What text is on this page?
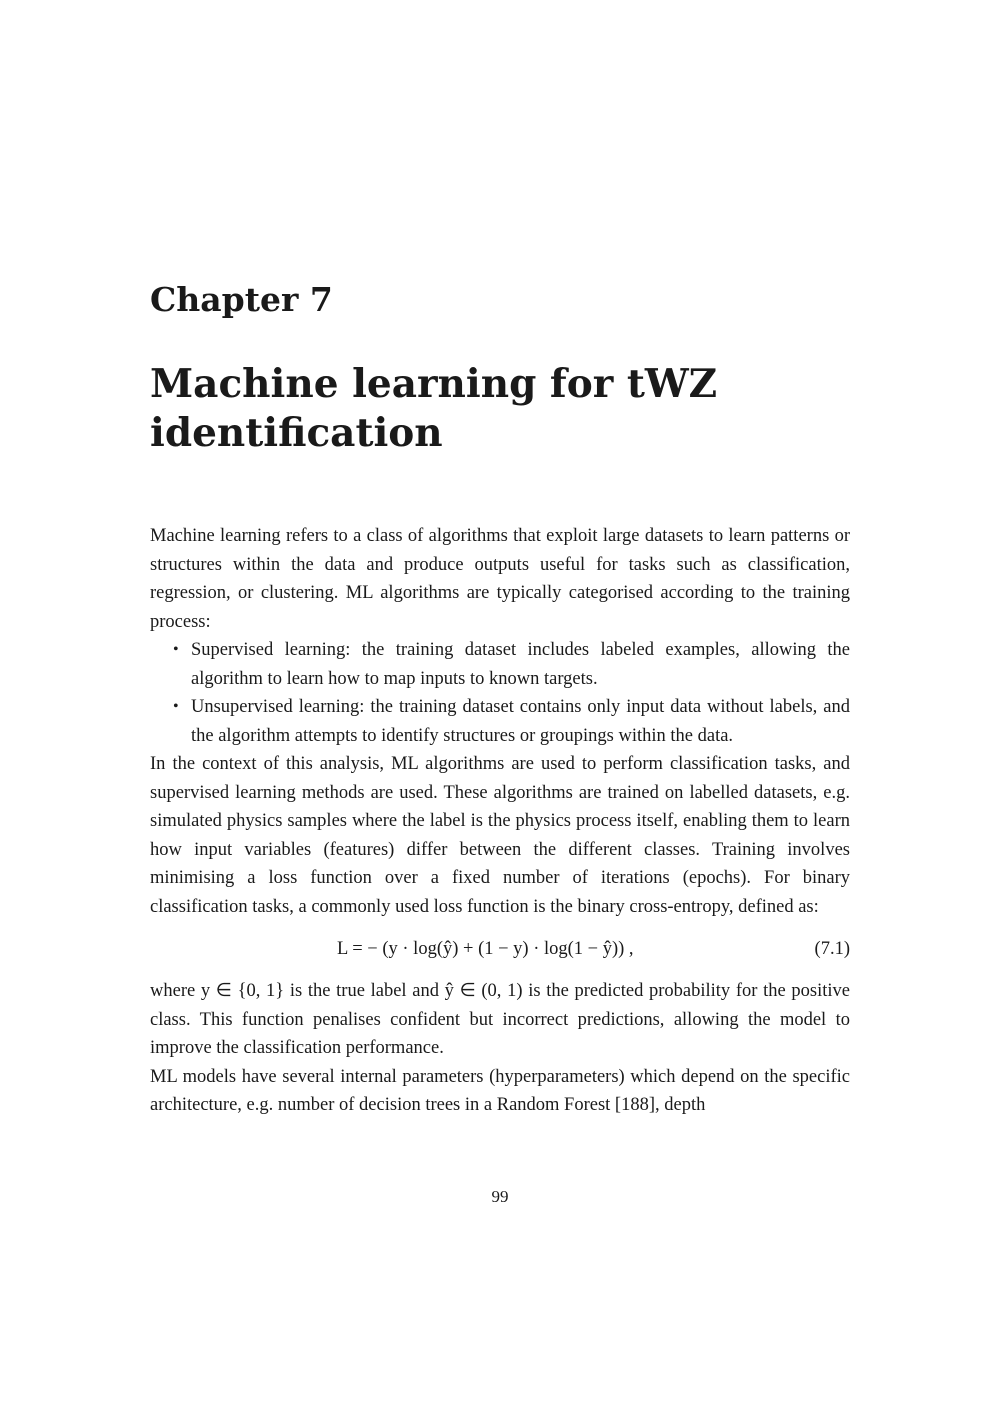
Chapter 7
Machine learning for tWZ identification

Machine learning refers to a class of algorithms that exploit large datasets to learn patterns or structures within the data and produce outputs useful for tasks such as classification, regression, or clustering. ML algorithms are typically categorised according to the training process:

• Supervised learning: the training dataset includes labeled examples, allowing the algorithm to learn how to map inputs to known targets.
• Unsupervised learning: the training dataset contains only input data without labels, and the algorithm attempts to identify structures or groupings within the data.

In the context of this analysis, ML algorithms are used to perform classification tasks, and supervised learning methods are used. These algorithms are trained on labelled datasets, e.g. simulated physics samples where the label is the physics process itself, enabling them to learn how input variables (features) differ between the different classes. Training involves minimising a loss function over a fixed number of iterations (epochs). For binary classification tasks, a commonly used loss function is the binary cross-entropy, defined as:

L = − (y · log(ŷ) + (1 − y) · log(1 − ŷ)) ,	(7.1)

where y ∈ {0, 1} is the true label and ŷ ∈ (0, 1) is the predicted probability for the positive class. This function penalises confident but incorrect predictions, allowing the model to improve the classification performance.

ML models have several internal parameters (hyperparameters) which depend on the specific architecture, e.g. number of decision trees in a Random Forest [188], depth

99
